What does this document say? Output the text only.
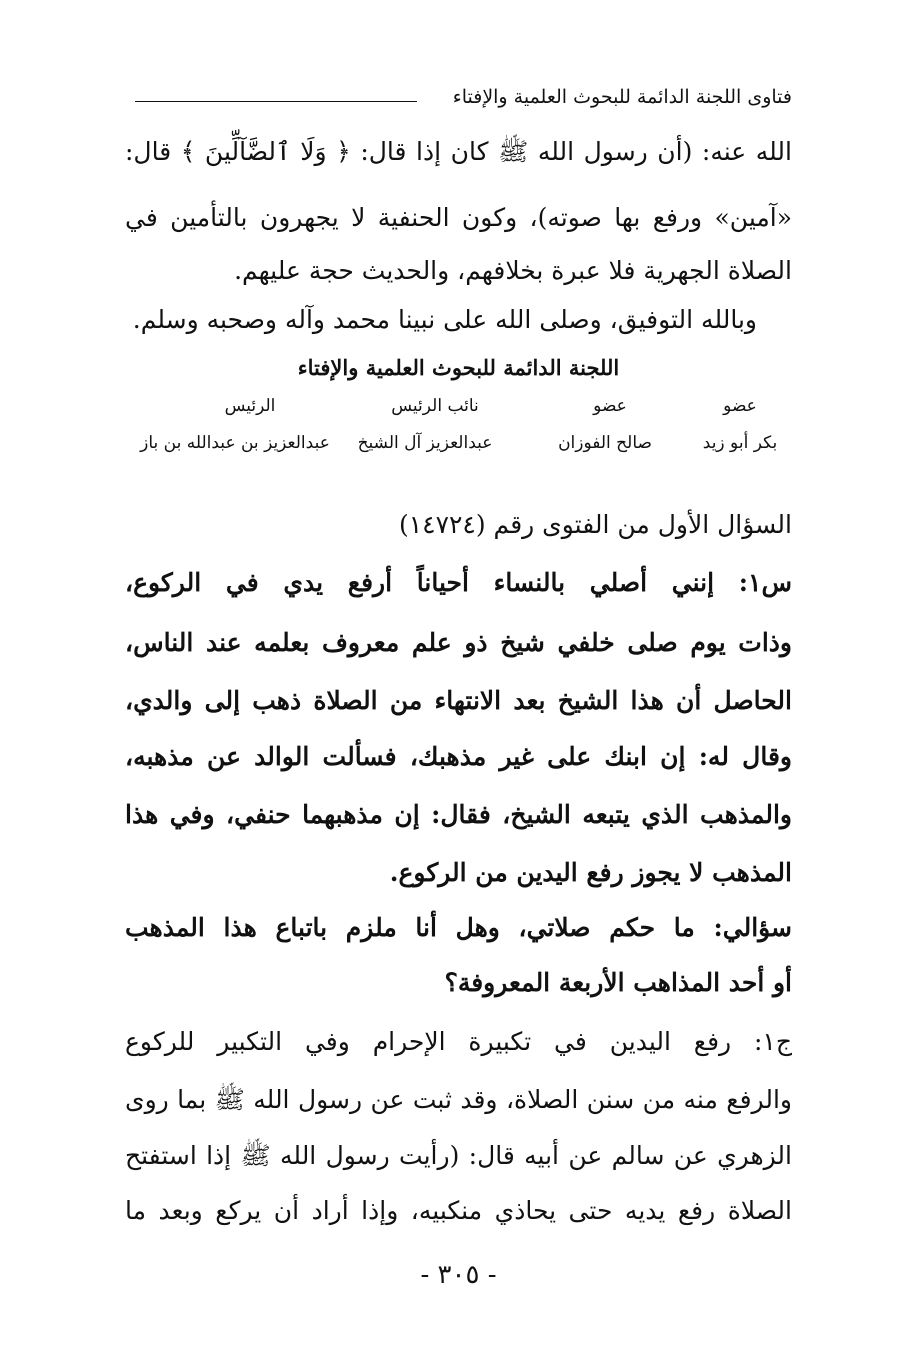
فتاوى اللجنة الدائمة للبحوث العلمية والإفتاء
الله عنه: (أن رسول الله ﷺ كان إذا قال: ﴿ وَلَا ٱلضَّآلِّينَ ﴾ قال:
«آمين» ورفع بها صوته)، وكون الحنفية لا يجهرون بالتأمين في
الصلاة الجهرية فلا عبرة بخلافهم، والحديث حجة عليهم.
وبالله التوفيق، وصلى الله على نبينا محمد وآله وصحبه وسلم.
اللجنة الدائمة للبحوث العلمية والإفتاء
عضو
عضو
نائب الرئيس
الرئيس
بكر أبو زيد
صالح الفوزان
عبدالعزيز آل الشيخ
عبدالعزيز بن عبدالله بن باز
السؤال الأول من الفتوى رقم (١٤٧٢٤)
س١: إنني أصلي بالنساء أحياناً أرفع يدي في الركوع،
وذات يوم صلى خلفي شيخ ذو علم معروف بعلمه عند الناس،
الحاصل أن هذا الشيخ بعد الانتهاء من الصلاة ذهب إلى والدي،
وقال له: إن ابنك على غير مذهبك، فسألت الوالد عن مذهبه،
والمذهب الذي يتبعه الشيخ، فقال: إن مذهبهما حنفي، وفي هذا
المذهب لا يجوز رفع اليدين من الركوع.
سؤالي: ما حكم صلاتي، وهل أنا ملزم باتباع هذا المذهب
أو أحد المذاهب الأربعة المعروفة؟
ج١: رفع اليدين في تكبيرة الإحرام وفي التكبير للركوع
والرفع منه من سنن الصلاة، وقد ثبت عن رسول الله ﷺ بما روى
الزهري عن سالم عن أبيه قال: (رأيت رسول الله ﷺ إذا استفتح
الصلاة رفع يديه حتى يحاذي منكبيه، وإذا أراد أن يركع وبعد ما
- ٣٠٥ -
